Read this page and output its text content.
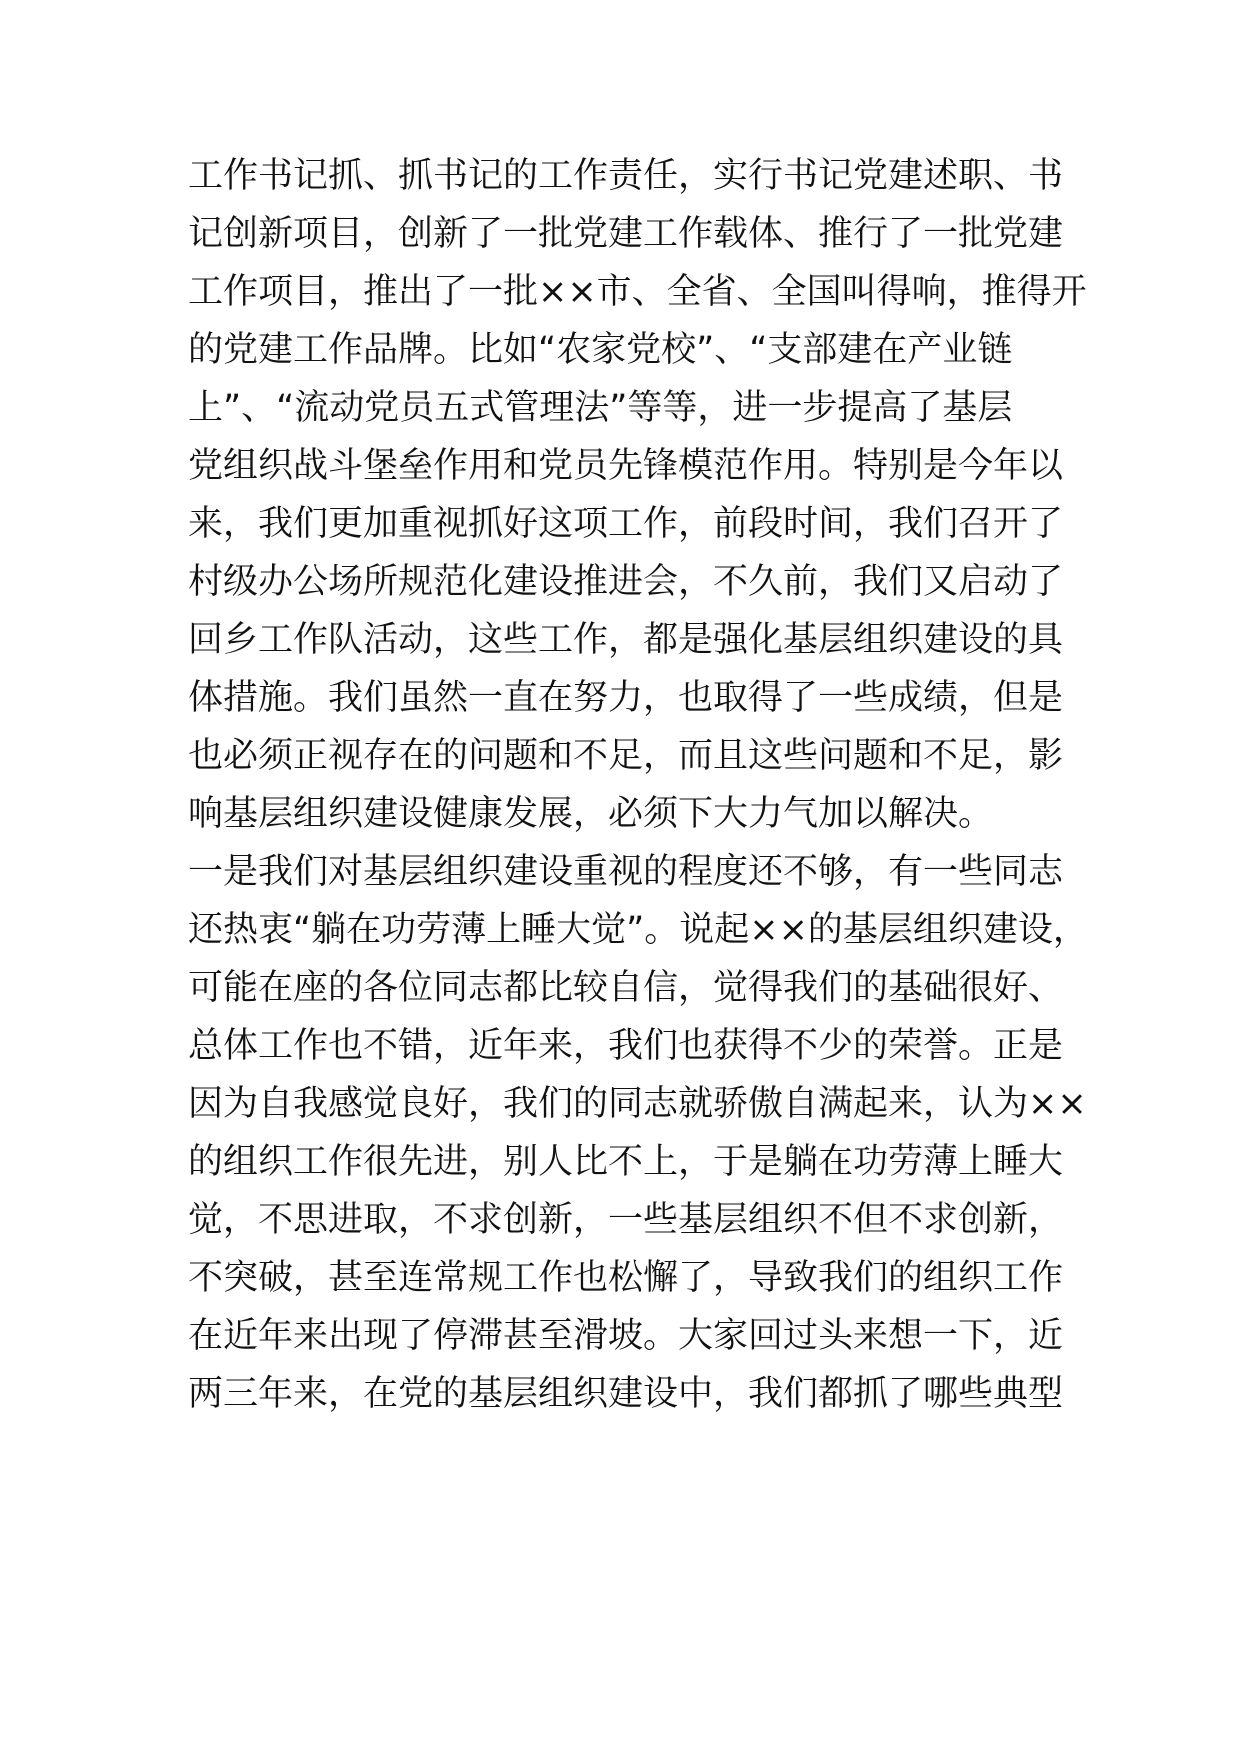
工作书记抓、抓书记的工作责任，实行书记党建述职、书
记创新项目，创新了一批党建工作载体、推行了一批党建
工作项目，推出了一批××市、全省、全国叫得响，推得开
的党建工作品牌。比如“农家党校”、“支部建在产业链
上”、“流动党员五式管理法”等等，进一步提高了基层
党组织战斗堡垒作用和党员先锋模范作用。特别是今年以
来，我们更加重视抓好这项工作，前段时间，我们召开了
村级办公场所规范化建设推进会，不久前，我们又启动了
回乡工作队活动，这些工作，都是强化基层组织建设的具
体措施。我们虽然一直在努力，也取得了一些成绩，但是
也必须正视存在的问题和不足，而且这些问题和不足，影
响基层组织建设健康发展，必须下大力气加以解决。
一是我们对基层组织建设重视的程度还不够，有一些同志
还热衷“躺在功劳薄上睡大觉”。说起××的基层组织建设，
可能在座的各位同志都比较自信，觉得我们的基础很好、
总体工作也不错，近年来，我们也获得不少的荣誉。正是
因为自我感觉良好，我们的同志就骄傲自满起来，认为××
的组织工作很先进，别人比不上，于是躺在功劳薄上睡大
觉，不思进取，不求创新，一些基层组织不但不求创新，
不突破，甚至连常规工作也松懈了，导致我们的组织工作
在近年来出现了停滞甚至滑坡。大家回过头来想一下，近
两三年来，在党的基层组织建设中，我们都抓了哪些典型
